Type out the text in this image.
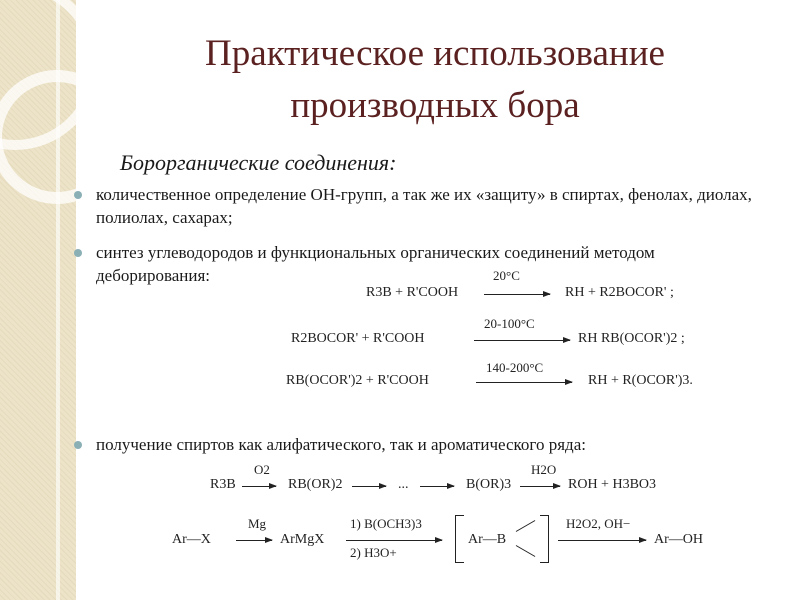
Практическое использование
производных бора
Борорганические соединения:
количественное определение ОН-групп, а так же их «защиту» в спиртах, фенолах, диолах, полиолах, сахарах;
синтез углеводородов и функциональных органических соединений методом деборирования:
получение спиртов как алифатического, так и ароматического ряда:
R3B + R'COOH
20°C
RH + R2BOCOR' ;
R2BOCOR' + R'COOH
20-100°C
RH RB(OCOR')2 ;
RB(OCOR')2 + R'COOH
140-200°C
RH + R(OCOR')3.
R3B
O2
→ RB(OR)2 → ... → B(OR)3
H2O
→ ROH + H3BO3
Ar—X
Mg
→ ArMgX
1) B(OCH3)3
2) H3O+
Ar—B
H2O2, OH−
Ar—OH
